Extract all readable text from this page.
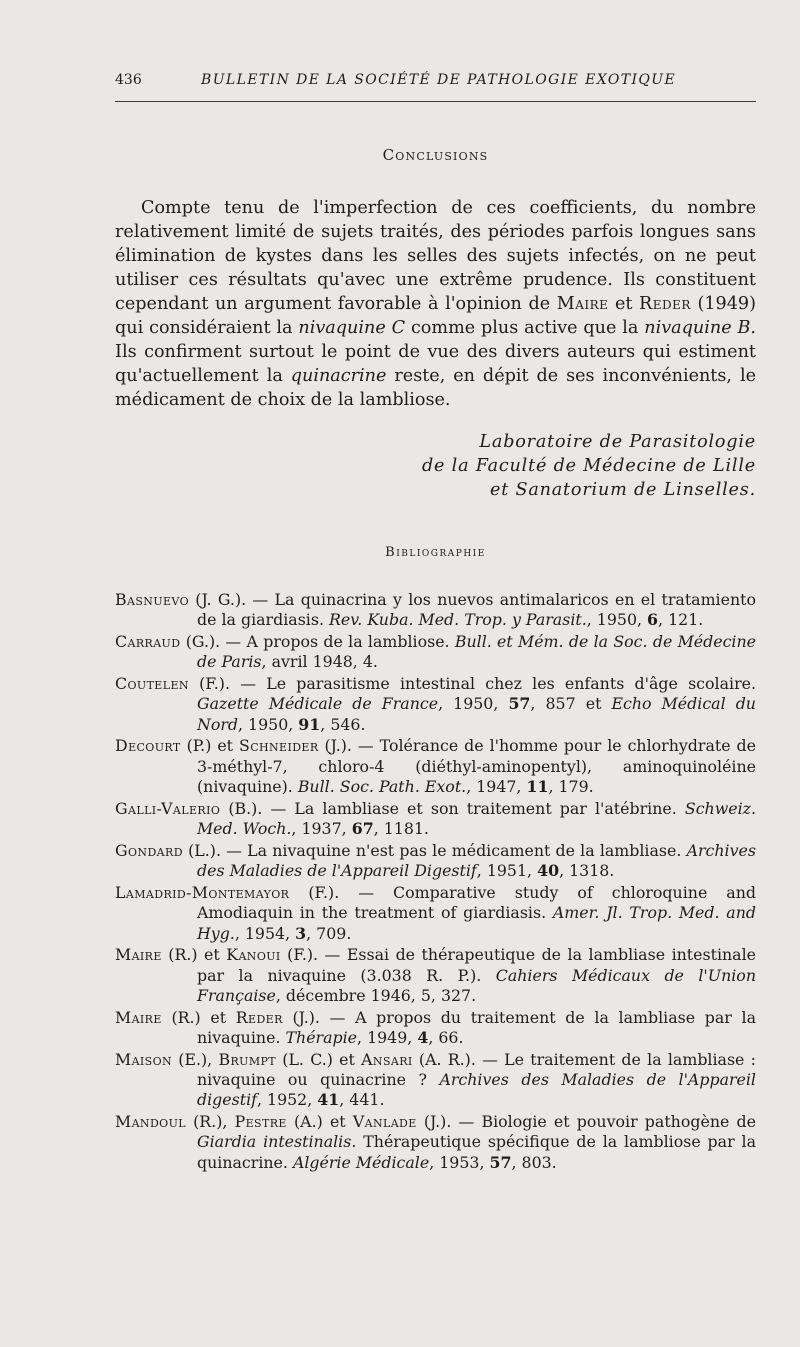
436	BULLETIN DE LA SOCIÉTÉ DE PATHOLOGIE EXOTIQUE
Conclusions

Compte tenu de l'imperfection de ces coefficients, du nombre relativement limité de sujets traités, des périodes parfois longues sans élimination de kystes dans les selles des sujets infectés, on ne peut utiliser ces résultats qu'avec une extrême prudence. Ils constituent cependant un argument favorable à l'opinion de Maire et Reder (1949) qui considéraient la nivaquine C comme plus active que la nivaquine B. Ils confirment surtout le point de vue des divers auteurs qui estiment qu'actuellement la quinacrine reste, en dépit de ses inconvénients, le médicament de choix de la lambliose.

Laboratoire de Parasitologie
de la Faculté de Médecine de Lille
et Sanatorium de Linselles.
Bibliographie

Basnuevo (J. G.). — La quinacrina y los nuevos antimalaricos en el tratamiento de la giardiasis. Rev. Kuba. Med. Trop. y Parasit., 1950, 6, 121.

Carraud (G.). — A propos de la lambliose. Bull. et Mém. de la Soc. de Médecine de Paris, avril 1948, 4.

Coutelen (F.). — Le parasitisme intestinal chez les enfants d'âge scolaire. Gazette Médicale de France, 1950, 57, 857 et Echo Médical du Nord, 1950, 91, 546.

Decourt (P.) et Schneider (J.). — Tolérance de l'homme pour le chlorhydrate de 3-méthyl-7, chloro-4 (diéthyl-aminopentyl), aminoquinoléine (nivaquine). Bull. Soc. Path. Exot., 1947, 11, 179.

Galli-Valerio (B.). — La lambliase et son traitement par l'atébrine. Schweiz. Med. Woch., 1937, 67, 1181.

Gondard (L.). — La nivaquine n'est pas le médicament de la lambliase. Archives des Maladies de l'Appareil Digestif, 1951, 40, 1318.

Lamadrid-Montemayor (F.). — Comparative study of chloroquine and Amodiaquin in the treatment of giardiasis. Amer. Jl. Trop. Med. and Hyg., 1954, 3, 709.

Maire (R.) et Kanoui (F.). — Essai de thérapeutique de la lambliase intestinale par la nivaquine (3.038 R. P.). Cahiers Médicaux de l'Union Française, décembre 1946, 5, 327.

Maire (R.) et Reder (J.). — A propos du traitement de la lambliase par la nivaquine. Thérapie, 1949, 4, 66.

Maison (E.), Brumpt (L. C.) et Ansari (A. R.). — Le traitement de la lambliase : nivaquine ou quinacrine ? Archives des Maladies de l'Appareil digestif, 1952, 41, 441.

Mandoul (R.), Pestre (A.) et Vanlade (J.). — Biologie et pouvoir pathogène de Giardia intestinalis. Thérapeutique spécifique de la lambliose par la quinacrine. Algérie Médicale, 1953, 57, 803.
